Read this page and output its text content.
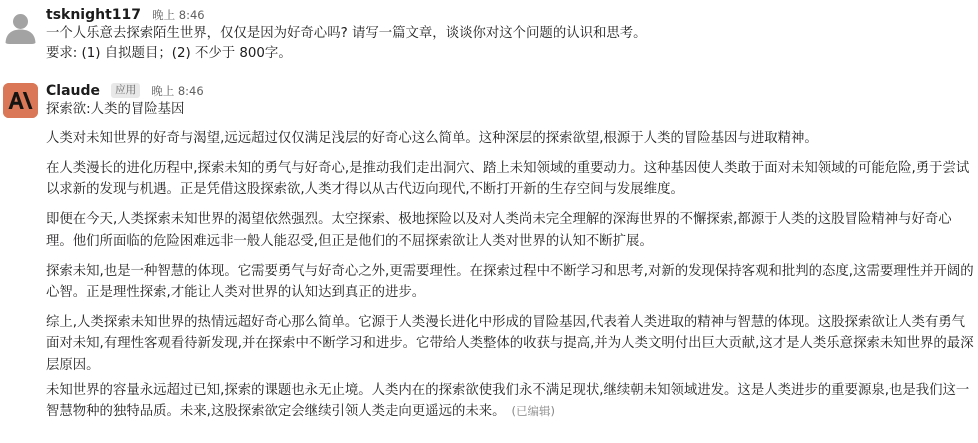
tsknight117 晚上 8:46
一个人乐意去探索陌生世界，仅仅是因为好奇心吗? 请写一篇文章，谈谈你对这个问题的认识和思考。
要求: (1) 自拟题目；(2) 不少于 800字。
Claude 应用 晚上 8:46
探索欲:人类的冒险基因

人类对未知世界的好奇与渴望,远远超过仅仅满足浅层的好奇心这么简单。这种深层的探索欲望,根源于人类的冒险基因与进取精神。

在人类漫长的进化历程中,探索未知的勇气与好奇心,是推动我们走出洞穴、踏上未知领域的重要动力。这种基因使人类敢于面对未知领域的可能危险,勇于尝试以求新的发现与机遇。正是凭借这股探索欲,人类才得以从古代迈向现代,不断打开新的生存空间与发展维度。

即便在今天,人类探索未知世界的渴望依然强烈。太空探索、极地探险以及对人类尚未完全理解的深海世界的不懈探索,都源于人类的这股冒险精神与好奇心理。他们所面临的危险困难远非一般人能忍受,但正是他们的不屈探索欲让人类对世界的认知不断扩展。

探索未知,也是一种智慧的体现。它需要勇气与好奇心之外,更需要理性。在探索过程中不断学习和思考,对新的发现保持客观和批判的态度,这需要理性并开阔的心智。正是理性探索,才能让人类对世界的认知达到真正的进步。

综上,人类探索未知世界的热情远超好奇心那么简单。它源于人类漫长进化中形成的冒险基因,代表着人类进取的精神与智慧的体现。这股探索欲让人类有勇气面对未知,有理性客观看待新发现,并在探索中不断学习和进步。它带给人类整体的收获与提高,并为人类文明付出巨大贡献,这才是人类乐意探索未知世界的最深层原因。

未知世界的容量永远超过已知,探索的课题也永无止境。人类内在的探索欲使我们永不满足现状,继续朝未知领域进发。这是人类进步的重要源泉,也是我们这一智慧物种的独特品质。未来,这股探索欲定会继续引领人类走向更遥远的未来。 (已编辑)
